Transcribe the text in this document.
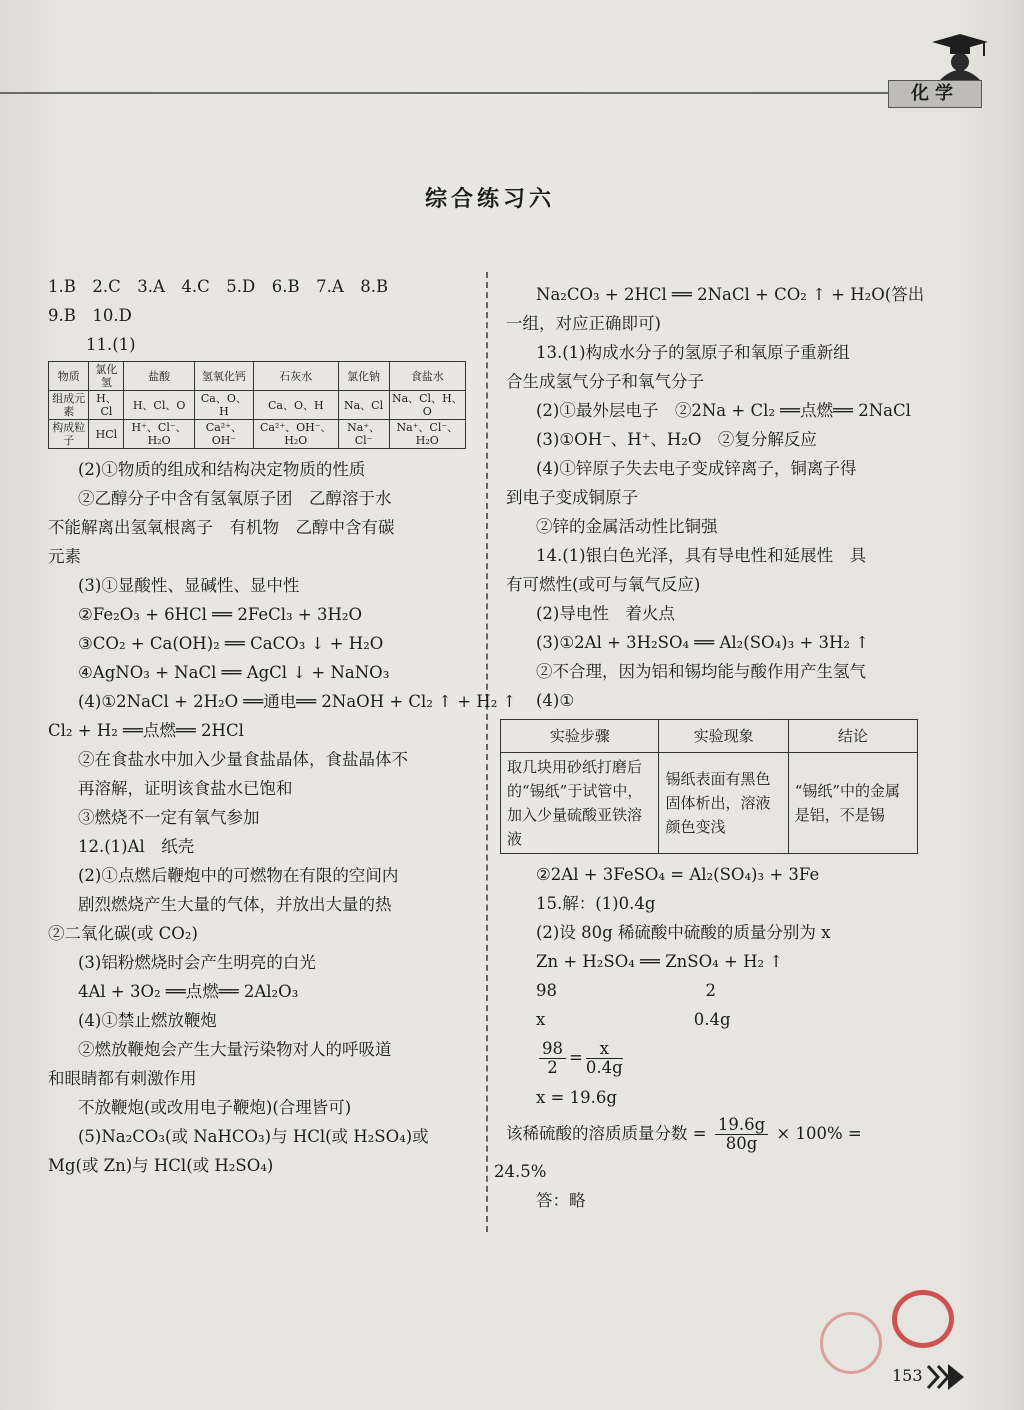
化学
综合练习六
1.B　2.C　3.A　4.C　5.D　6.B　7.A　8.B
9.B　10.D
11.(1)
物质	氯化氢	盐酸	氢氧化钙	石灰水	氯化钠	食盐水
组成元素	H、Cl	H、Cl、O	Ca、O、H	Ca、O、H	Na、Cl	Na、Cl、H、O
构成粒子	HCl	H⁺、Cl⁻、H₂O	Ca²⁺、OH⁻	Ca²⁺、OH⁻、H₂O	Na⁺、Cl⁻	Na⁺、Cl⁻、H₂O
(2)①物质的组成和结构决定物质的性质
②乙醇分子中含有氢氧原子团　乙醇溶于水
不能解离出氢氧根离子　有机物　乙醇中含有碳
元素
(3)①显酸性、显碱性、显中性
②Fe₂O₃ + 6HCl ══ 2FeCl₃ + 3H₂O
③CO₂ + Ca(OH)₂ ══ CaCO₃ ↓ + H₂O
④AgNO₃ + NaCl ══ AgCl ↓ + NaNO₃
(4)①2NaCl + 2H₂O ══通电══ 2NaOH + Cl₂ ↑ + H₂ ↑
Cl₂ + H₂ ══点燃══ 2HCl
②在食盐水中加入少量食盐晶体，食盐晶体不
再溶解，证明该食盐水已饱和
③燃烧不一定有氧气参加
12.(1)Al　纸壳
(2)①点燃后鞭炮中的可燃物在有限的空间内
剧烈燃烧产生大量的气体，并放出大量的热
②二氧化碳(或 CO₂)
(3)铝粉燃烧时会产生明亮的白光
4Al + 3O₂ ══点燃══ 2Al₂O₃
(4)①禁止燃放鞭炮
②燃放鞭炮会产生大量污染物对人的呼吸道
和眼睛都有刺激作用
不放鞭炮(或改用电子鞭炮)(合理皆可)
(5)Na₂CO₃(或 NaHCO₃)与 HCl(或 H₂SO₄)或
Mg(或 Zn)与 HCl(或 H₂SO₄)
Na₂CO₃ + 2HCl ══ 2NaCl + CO₂ ↑ + H₂O(答出
一组，对应正确即可)
13.(1)构成水分子的氢原子和氧原子重新组
合生成氢气分子和氧气分子
(2)①最外层电子　②2Na + Cl₂ ══点燃══ 2NaCl
(3)①OH⁻、H⁺、H₂O　②复分解反应
(4)①锌原子失去电子变成锌离子，铜离子得
到电子变成铜原子
②锌的金属活动性比铜强
14.(1)银白色光泽，具有导电性和延展性　具
有可燃性(或可与氧气反应)
(2)导电性　着火点
(3)①2Al + 3H₂SO₄ ══ Al₂(SO₄)₃ + 3H₂ ↑
②不合理，因为铝和锡均能与酸作用产生氢气
(4)①
实验步骤	实验现象	结论
取几块用砂纸打磨后的“锡纸”于试管中，加入少量硫酸亚铁溶液	锡纸表面有黑色固体析出，溶液颜色变浅	“锡纸”中的金属是铝，不是锡
②2Al + 3FeSO₄ = Al₂(SO₄)₃ + 3Fe
15.解：(1)0.4g
(2)设 80g 稀硫酸中硫酸的质量分别为 x
Zn + H₂SO₄ ══ ZnSO₄ + H₂ ↑
98　　　　　　　　　2
x　　　　　　　　　0.4g
$\frac{98}{2} = \frac{x}{0.4g}$
x = 19.6g
该稀硫酸的溶质质量分数 = $\frac{19.6g}{80g} \times 100\%$ =
24.5%
答：略
153
